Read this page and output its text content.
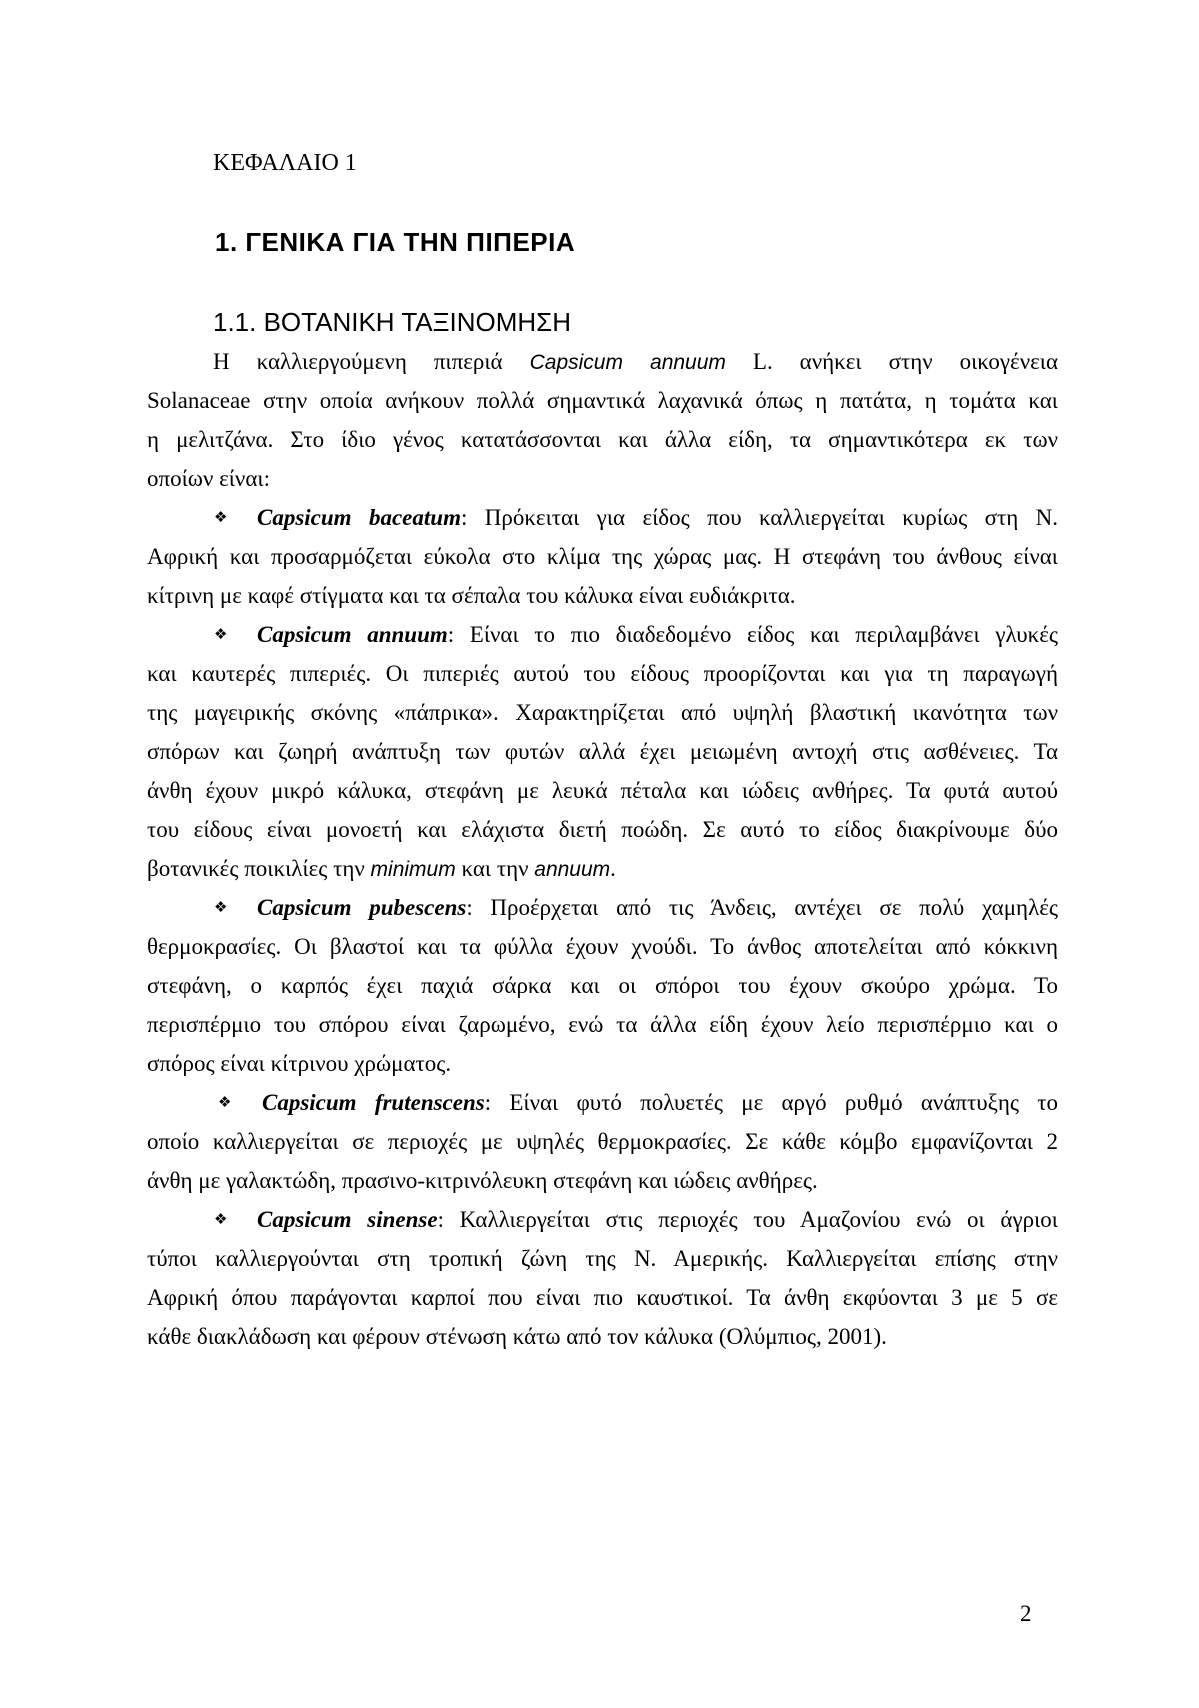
ΚΕΦΑΛΑΙΟ 1
1. ΓΕΝΙΚΑ ΓΙΑ ΤΗΝ ΠΙΠΕΡΙΑ
1.1. ΒΟΤΑΝΙΚΗ ΤΑΞΙΝΟΜΗΣΗ
Η καλλιεργούμενη πιπεριά Capsicum annuum L. ανήκει στην οικογένεια
Solanaceae στην οποία ανήκουν πολλά σημαντικά λαχανικά όπως η πατάτα, η τομάτα και
η μελιτζάνα. Στο ίδιο γένος κατατάσσονται και άλλα είδη, τα σημαντικότερα εκ των
οποίων είναι:
❖ Capsicum baceatum: Πρόκειται για είδος που καλλιεργείται κυρίως στη Ν.
Αφρική και προσαρμόζεται εύκολα στο κλίμα της χώρας μας. Η στεφάνη του άνθους είναι
κίτρινη με καφέ στίγματα και τα σέπαλα του κάλυκα είναι ευδιάκριτα.
❖ Capsicum annuum: Είναι το πιο διαδεδομένο είδος και περιλαμβάνει γλυκές
και καυτερές πιπεριές. Οι πιπεριές αυτού του είδους προορίζονται και για τη παραγωγή
της μαγειρικής σκόνης «πάπρικα». Χαρακτηρίζεται από υψηλή βλαστική ικανότητα των
σπόρων και ζωηρή ανάπτυξη των φυτών αλλά έχει μειωμένη αντοχή στις ασθένειες. Τα
άνθη έχουν μικρό κάλυκα, στεφάνη με λευκά πέταλα και ιώδεις ανθήρες. Τα φυτά αυτού
του είδους είναι μονοετή και ελάχιστα διετή ποώδη. Σε αυτό το είδος διακρίνουμε δύο
βοτανικές ποικιλίες την minimum και την annuum.
❖ Capsicum pubescens: Προέρχεται από τις Άνδεις, αντέχει σε πολύ χαμηλές
θερμοκρασίες. Οι βλαστοί και τα φύλλα έχουν χνούδι. Το άνθος αποτελείται από κόκκινη
στεφάνη, ο καρπός έχει παχιά σάρκα και οι σπόροι του έχουν σκούρο χρώμα. Το
περισπέρμιο του σπόρου είναι ζαρωμένο, ενώ τα άλλα είδη έχουν λείο περισπέρμιο και ο
σπόρος είναι κίτρινου χρώματος.
❖ Capsicum frutenscens: Είναι φυτό πολυετές με αργό ρυθμό ανάπτυξης το
οποίο καλλιεργείται σε περιοχές με υψηλές θερμοκρασίες. Σε κάθε κόμβο εμφανίζονται 2
άνθη με γαλακτώδη, πρασινο-κιτρινόλευκη στεφάνη και ιώδεις ανθήρες.
❖ Capsicum sinense: Καλλιεργείται στις περιοχές του Αμαζονίου ενώ οι άγριοι
τύποι καλλιεργούνται στη τροπική ζώνη της Ν. Αμερικής. Καλλιεργείται επίσης στην
Αφρική όπου παράγονται καρποί που είναι πιο καυστικοί. Τα άνθη εκφύονται 3 με 5 σε
κάθε διακλάδωση και φέρουν στένωση κάτω από τον κάλυκα (Ολύμπιος, 2001).
2
